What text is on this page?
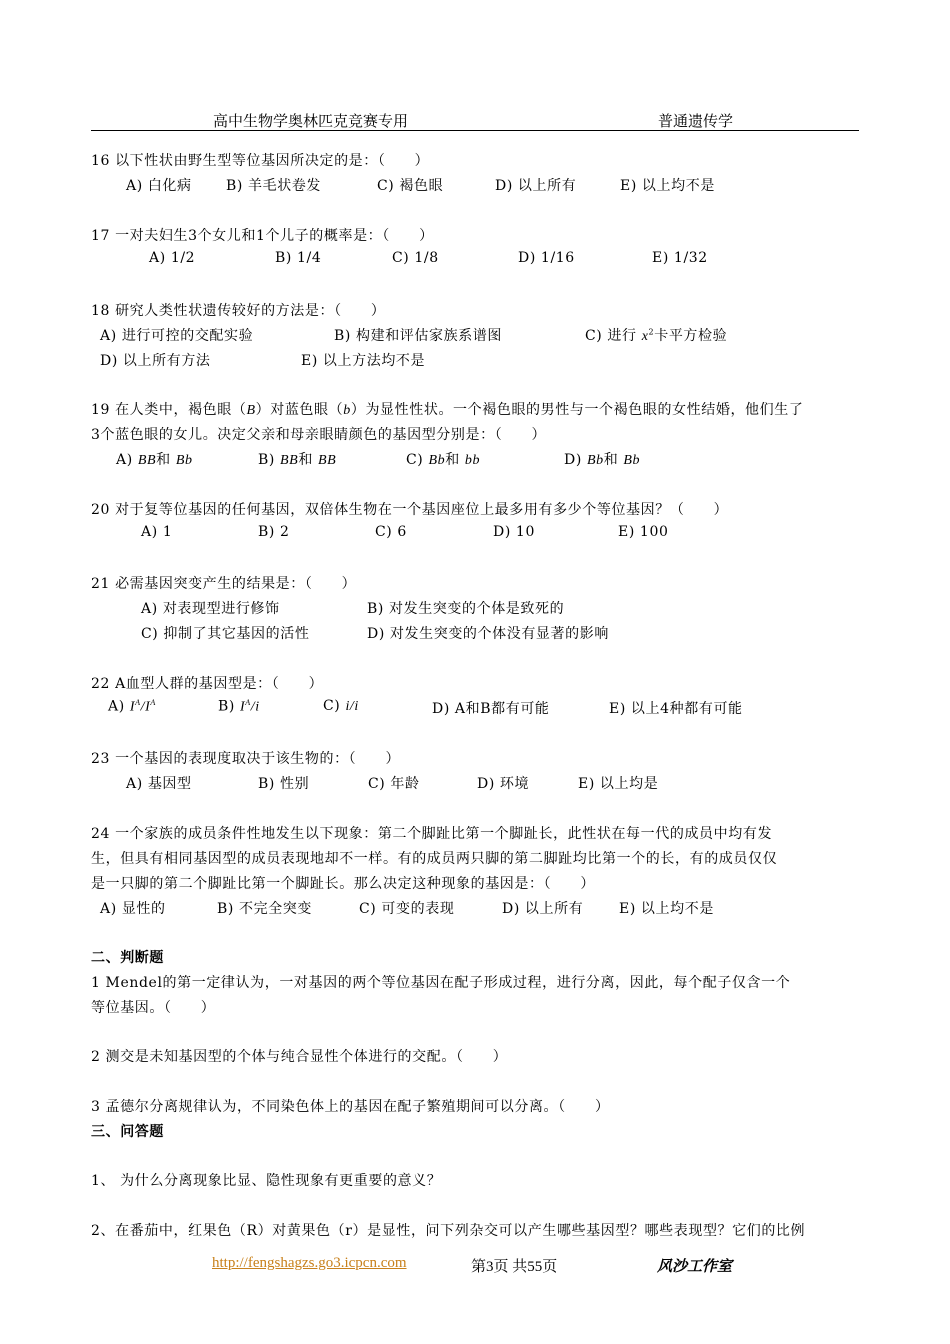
高中生物学奥林匹克竞赛专用	普通遗传学
16 以下性状由野生型等位基因所决定的是：（　　）
A) 白化病 B) 羊毛状卷发	C) 褐色眼	D) 以上所有	E) 以上均不是
17 一对夫妇生3个女儿和1个儿子的概率是：（　　）
A) 1/2	B) 1/4	C) 1/8	D) 1/16	E) 1/32
18 研究人类性状遗传较好的方法是：（　　）
A) 进行可控的交配实验	B) 构建和评估家族系谱图	C) 进行 $x^2$卡平方检验
D) 以上所有方法	E) 以上方法均不是
19 在人类中，褐色眼（B）对蓝色眼（b）为显性性状。一个褐色眼的男性与一个褐色眼的女性结婚，他们生了
3个蓝色眼的女儿。决定父亲和母亲眼睛颜色的基因型分别是：（　　）
A) BB和 Bb	B) BB和 BB	C) Bb和 bb	D) Bb和 Bb
20 对于复等位基因的任何基因，双倍体生物在一个基因座位上最多用有多少个等位基因？（　　）
A) 1	B) 2	C) 6	D) 10	E) 100
21 必需基因突变产生的结果是：（　　）
A) 对表现型进行修饰	B) 对发生突变的个体是致死的
C) 抑制了其它基因的活性	D) 对发生突变的个体没有显著的影响
22 A血型人群的基因型是：（　　）
A) $I^A/I^A$	B) $I^A/i$	C) i/i	D) A和B都有可能	E) 以上4种都有可能
23 一个基因的表现度取决于该生物的：（　　）
A) 基因型	B) 性别	C) 年龄	D) 环境	E) 以上均是
24 一个家族的成员条件性地发生以下现象：第二个脚趾比第一个脚趾长，此性状在每一代的成员中均有发
生，但具有相同基因型的成员表现地却不一样。有的成员两只脚的第二脚趾均比第一个的长，有的成员仅仅
是一只脚的第二个脚趾比第一个脚趾长。那么决定这种现象的基因是：（　　）
A) 显性的	B) 不完全突变	C) 可变的表现	D) 以上所有	E) 以上均不是
二、判断题
1 Mendel的第一定律认为，一对基因的两个等位基因在配子形成过程，进行分离，因此，每个配子仅含一个
等位基因。（　　）
2 测交是未知基因型的个体与纯合显性个体进行的交配。（　　）
3 孟德尔分离规律认为，不同染色体上的基因在配子繁殖期间可以分离。（　　）
三、问答题
1、 为什么分离现象比显、隐性现象有更重要的意义？
2、在番茄中，红果色（R）对黄果色（r）是显性，问下列杂交可以产生哪些基因型？哪些表现型？它们的比例
http://fengshagzs.go3.icpcn.com	第3页 共55页	风沙工作室
